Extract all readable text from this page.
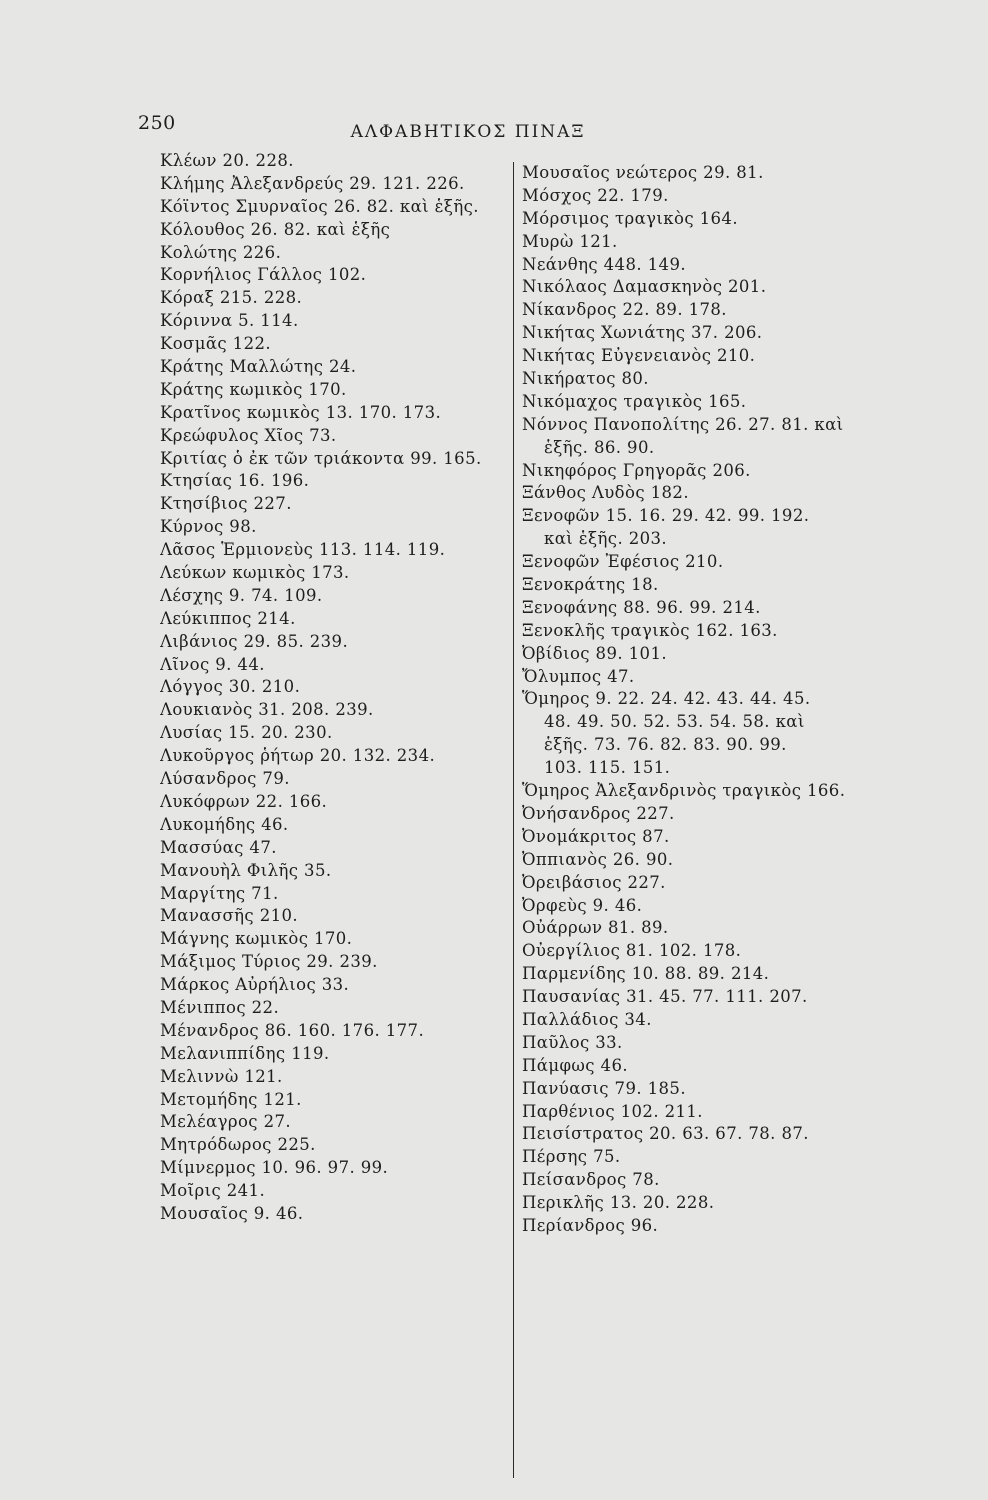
250	ΑΛΦΑΒΗΤΙΚΟΣ ΠΙΝΑΞ
Κλέων 20. 228.
Κλήμης Ἀλεξανδρεύς 29. 121. 226.
Κόϊντος Σμυρναῖος 26. 82. καὶ ἑξῆς.
Κόλουθος 26. 82. καὶ ἑξῆς
Κολώτης 226.
Κορνήλιος Γάλλος 102.
Κόραξ 215. 228.
Κόριννα 5. 114.
Κοσμᾶς 122.
Κράτης Μαλλώτης 24.
Κράτης κωμικὸς 170.
Κρατῖνος κωμικὸς 13. 170. 173.
Κρεώφυλος Χῖος 73.
Κριτίας ὁ ἐκ τῶν τριάκοντα 99. 165.
Κτησίας 16. 196.
Κτησίβιος 227.
Κύρνος 98.
Λᾶσος Ἑρμιονεὺς 113. 114. 119.
Λεύκων κωμικὸς 173.
Λέσχης 9. 74. 109.
Λεύκιππος 214.
Λιβάνιος 29. 85. 239.
Λῖνος 9. 44.
Λόγγος 30. 210.
Λουκιανὸς 31. 208. 239.
Λυσίας 15. 20. 230.
Λυκοῦργος ῥήτωρ 20. 132. 234.
Λύσανδρος 79.
Λυκόφρων 22. 166.
Λυκομήδης 46.
Μασσύας 47.
Μανουὴλ Φιλῆς 35.
Μαργίτης 71.
Μανασσῆς 210.
Μάγνης κωμικὸς 170.
Μάξιμος Τύριος 29. 239.
Μάρκος Αὐρήλιος 33.
Μένιππος 22.
Μένανδρος 86. 160. 176. 177.
Μελανιππίδης 119.
Μελιννὼ 121.
Μετομήδης 121.
Μελέαγρος 27.
Μητρόδωρος 225.
Μίμνερμος 10. 96. 97. 99.
Μοῖρις 241.
Μουσαῖος 9. 46.
Μουσαῖος νεώτερος 29. 81.
Μόσχος 22. 179.
Μόρσιμος τραγικὸς 164.
Μυρὼ 121.
Νεάνθης 448. 149.
Νικόλαος Δαμασκηνὸς 201.
Νίκανδρος 22. 89. 178.
Νικήτας Χωνιάτης 37. 206.
Νικήτας Εὐγενειανὸς 210.
Νικήρατος 80.
Νικόμαχος τραγικὸς 165.
Νόννος Πανοπολίτης 26. 27. 81. καὶ
ἑξῆς. 86. 90.
Νικηφόρος Γρηγορᾶς 206.
Ξάνθος Λυδὸς 182.
Ξενοφῶν 15. 16. 29. 42. 99. 192.
καὶ ἑξῆς. 203.
Ξενοφῶν Ἐφέσιος 210.
Ξενοκράτης 18.
Ξενοφάνης 88. 96. 99. 214.
Ξενοκλῆς τραγικὸς 162. 163.
Ὀβίδιος 89. 101.
Ὄλυμπος 47.
Ὅμηρος 9. 22. 24. 42. 43. 44. 45.
48. 49. 50. 52. 53. 54. 58. καὶ
ἑξῆς. 73. 76. 82. 83. 90. 99.
103. 115. 151.
Ὅμηρος Ἀλεξανδρινὸς τραγικὸς 166.
Ὀνήσανδρος 227.
Ὀνομάκριτος 87.
Ὀππιανὸς 26. 90.
Ὀρειβάσιος 227.
Ὀρφεὺς 9. 46.
Οὐάρρων 81. 89.
Οὐεργίλιος 81. 102. 178.
Παρμενίδης 10. 88. 89. 214.
Παυσανίας 31. 45. 77. 111. 207.
Παλλάδιος 34.
Παῦλος 33.
Πάμφως 46.
Πανύασις 79. 185.
Παρθένιος 102. 211.
Πεισίστρατος 20. 63. 67. 78. 87.
Πέρσης 75.
Πείσανδρος 78.
Περικλῆς 13. 20. 228.
Περίανδρος 96.
